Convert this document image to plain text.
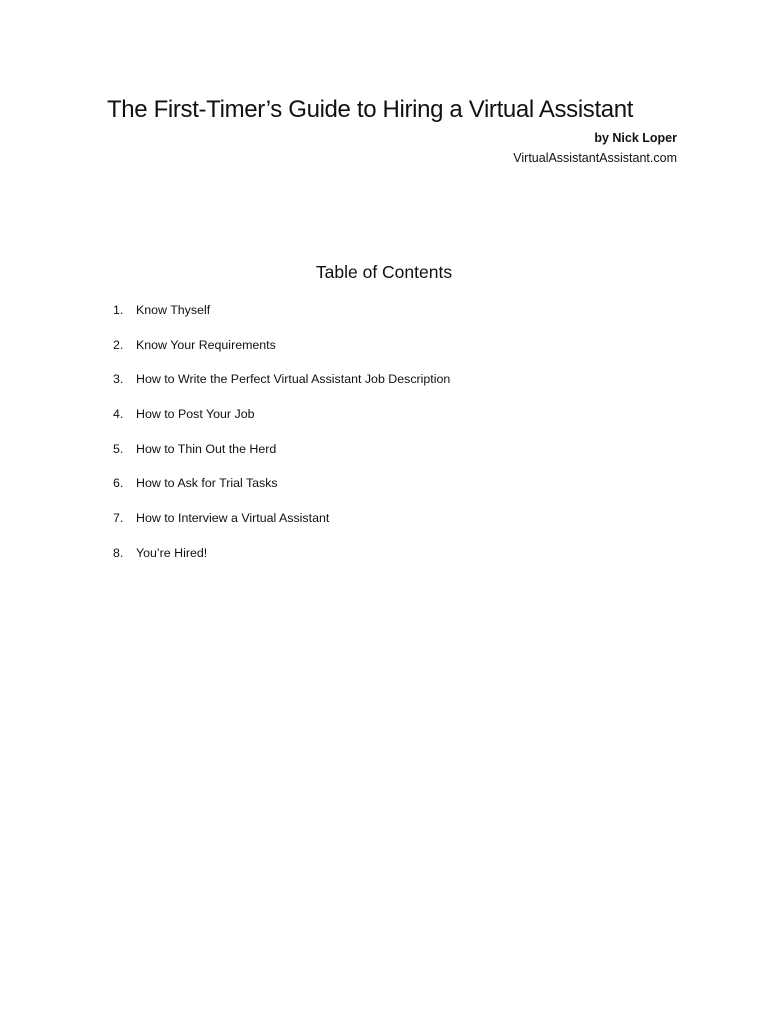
The First-Timer’s Guide to Hiring a Virtual Assistant
by Nick Loper
VirtualAssistantAssistant.com
Table of Contents
1.	Know Thyself
2.	Know Your Requirements
3.	How to Write the Perfect Virtual Assistant Job Description
4.	How to Post Your Job
5.	How to Thin Out the Herd
6.	How to Ask for Trial Tasks
7.	How to Interview a Virtual Assistant
8.	You’re Hired!
